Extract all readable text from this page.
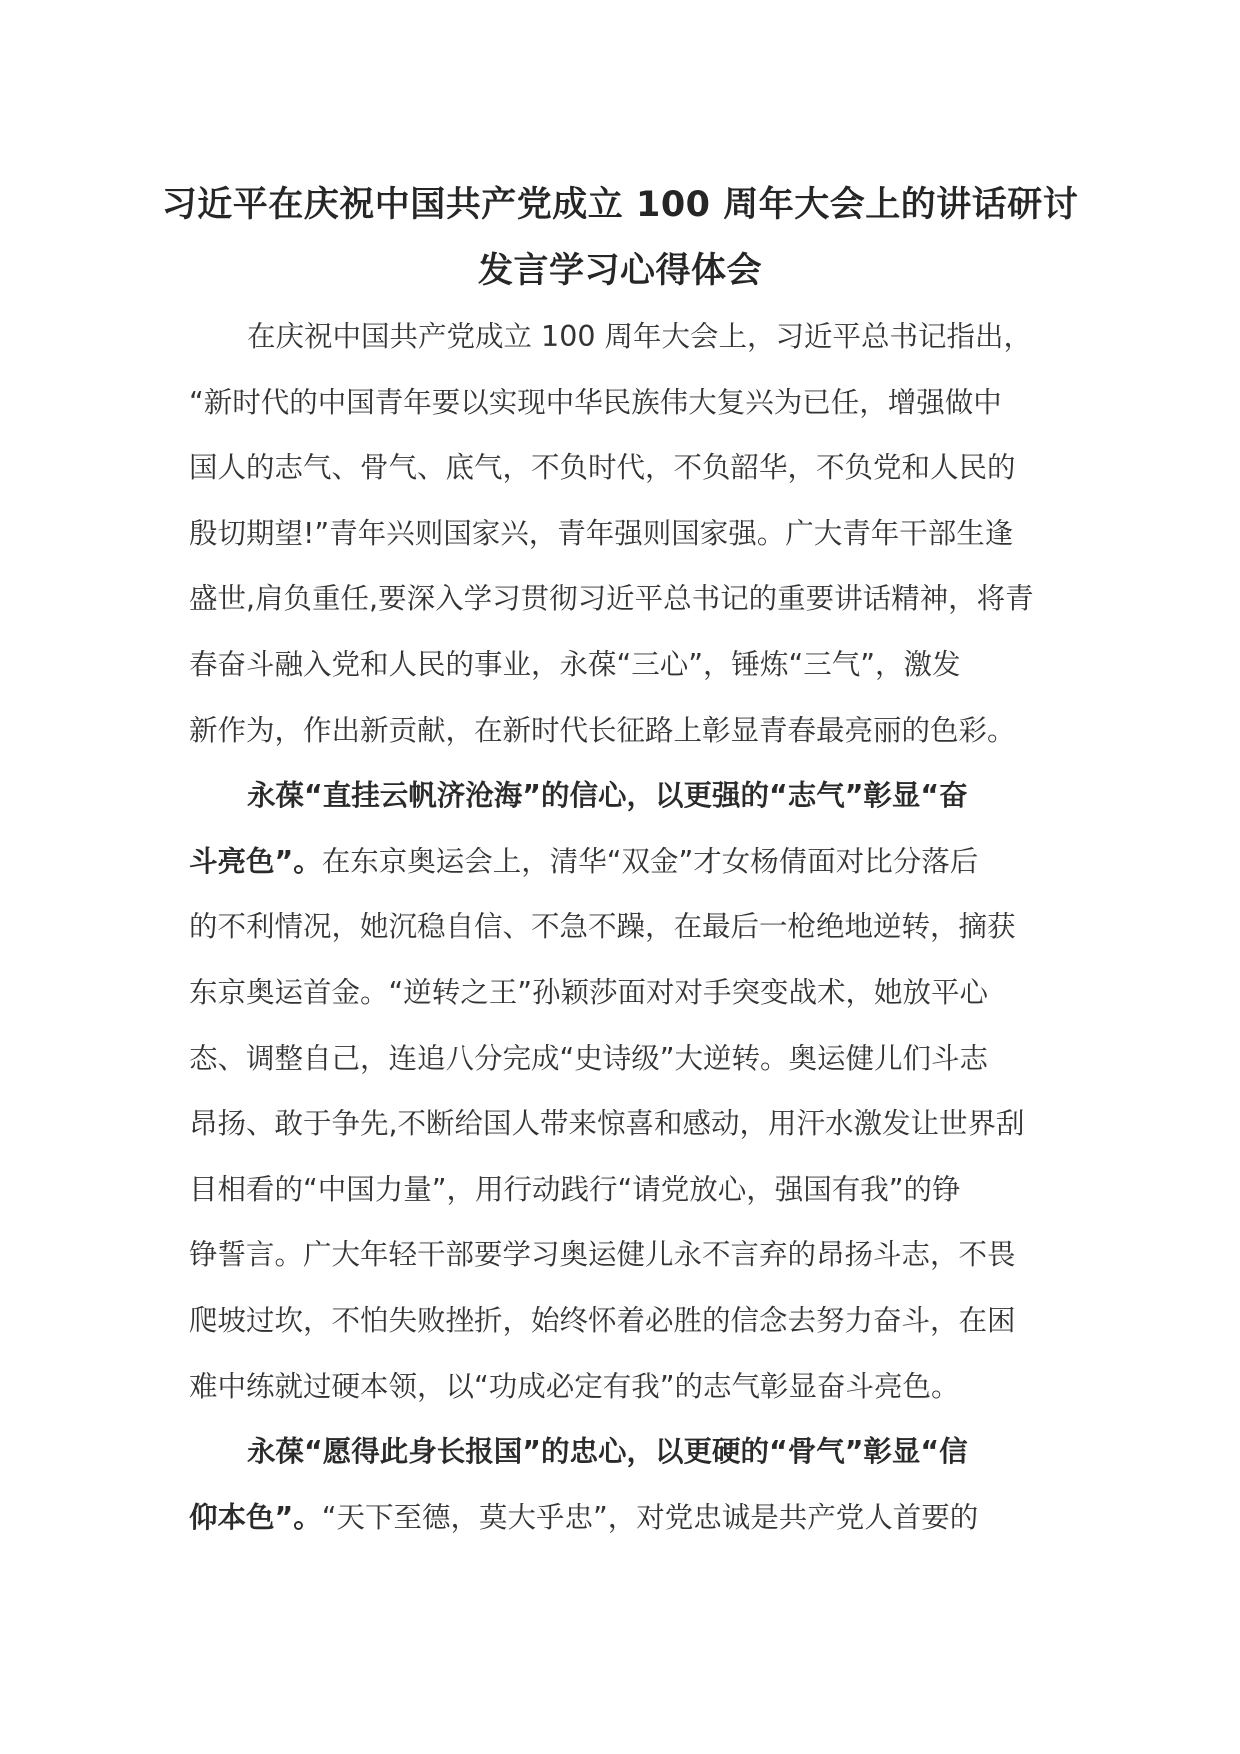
习近平在庆祝中国共产党成立 100 周年大会上的讲话研讨
发言学习心得体会
在庆祝中国共产党成立 100 周年大会上，习近平总书记指出，
“新时代的中国青年要以实现中华民族伟大复兴为已任，增强做中
国人的志气、骨气、底气，不负时代，不负韶华，不负党和人民的
殷切期望!”青年兴则国家兴，青年强则国家强。广大青年干部生逢
盛世,肩负重任,要深入学习贯彻习近平总书记的重要讲话精神，将青
春奋斗融入党和人民的事业，永葆“三心”，锤炼“三气”，激发
新作为，作出新贡献，在新时代长征路上彰显青春最亮丽的色彩。
永葆“直挂云帆济沧海”的信心，以更强的“志气”彰显“奋
斗亮色”。在东京奥运会上，清华“双金”才女杨倩面对比分落后
的不利情况，她沉稳自信、不急不躁，在最后一枪绝地逆转，摘获
东京奥运首金。“逆转之王”孙颖莎面对对手突变战术，她放平心
态、调整自己，连追八分完成“史诗级”大逆转。奥运健儿们斗志
昂扬、敢于争先,不断给国人带来惊喜和感动，用汗水激发让世界刮
目相看的“中国力量”，用行动践行“请党放心，强国有我”的铮
铮誓言。广大年轻干部要学习奥运健儿永不言弃的昂扬斗志，不畏
爬坡过坎，不怕失败挫折，始终怀着必胜的信念去努力奋斗，在困
难中练就过硬本领，以“功成必定有我”的志气彰显奋斗亮色。
永葆“愿得此身长报国”的忠心，以更硬的“骨气”彰显“信
仰本色”。“天下至德，莫大乎忠”，对党忠诚是共产党人首要的
